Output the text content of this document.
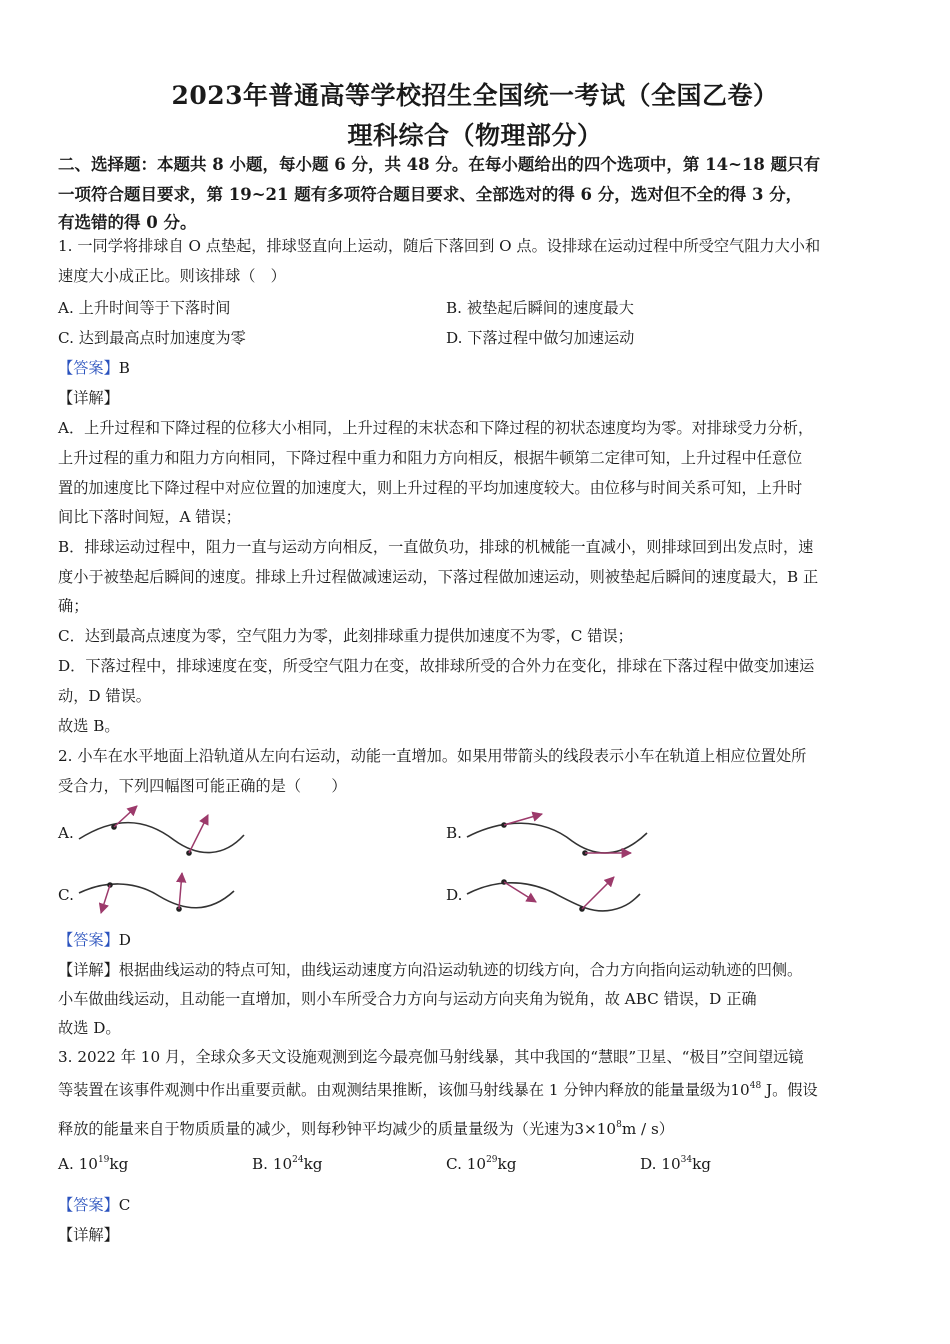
2023年普通高等学校招生全国统一考试（全国乙卷）
理科综合（物理部分）
二、选择题：本题共 8 小题，每小题 6 分，共 48 分。在每小题给出的四个选项中，第 14~18 题只有
一项符合题目要求，第 19~21 题有多项符合题目要求、全部选对的得 6 分，选对但不全的得 3 分，
有选错的得 0 分。
1. 一同学将排球自 O 点垫起，排球竖直向上运动，随后下落回到 O 点。设排球在运动过程中所受空气阻力大小和
速度大小成正比。则该排球（　）
A. 上升时间等于下落时间	B. 被垫起后瞬间的速度最大
C. 达到最高点时加速度为零	D. 下落过程中做匀加速运动
【答案】B
【详解】
A．上升过程和下降过程的位移大小相同，上升过程的末状态和下降过程的初状态速度均为零。对排球受力分析，
上升过程的重力和阻力方向相同，下降过程中重力和阻力方向相反，根据牛顿第二定律可知，上升过程中任意位
置的加速度比下降过程中对应位置的加速度大，则上升过程的平均加速度较大。由位移与时间关系可知，上升时
间比下落时间短，A 错误；
B．排球运动过程中，阻力一直与运动方向相反，一直做负功，排球的机械能一直减小，则排球回到出发点时，速
度小于被垫起后瞬间的速度。排球上升过程做减速运动，下落过程做加速运动，则被垫起后瞬间的速度最大，B 正
确；
C．达到最高点速度为零，空气阻力为零，此刻排球重力提供加速度不为零，C 错误；
D．下落过程中，排球速度在变，所受空气阻力在变，故排球所受的合外力在变化，排球在下落过程中做变加速运
动，D 错误。
故选 B。
2. 小车在水平地面上沿轨道从左向右运动，动能一直增加。如果用带箭头的线段表示小车在轨道上相应位置处所
受合力，下列四幅图可能正确的是（　　）
A.	B.
C.	D.
【答案】D
【详解】根据曲线运动的特点可知，曲线运动速度方向沿运动轨迹的切线方向，合力方向指向运动轨迹的凹侧。
小车做曲线运动，且动能一直增加，则小车所受合力方向与运动方向夹角为锐角，故 ABC 错误，D 正确
故选 D。
3. 2022 年 10 月，全球众多天文设施观测到迄今最亮伽马射线暴，其中我国的“慧眼”卫星、“极目”空间望远镜
等装置在该事件观测中作出重要贡献。由观测结果推断，该伽马射线暴在 1 分钟内释放的能量量级为$10^{48}$ J。假设
释放的能量来自于物质质量的减少，则每秒钟平均减少的质量量级为（光速为$3\times 10^8m / s$）
A. $10^{19}kg$	B. $10^{24}kg$	C. $10^{29}kg$	D. $10^{34}kg$
【答案】C
【详解】
